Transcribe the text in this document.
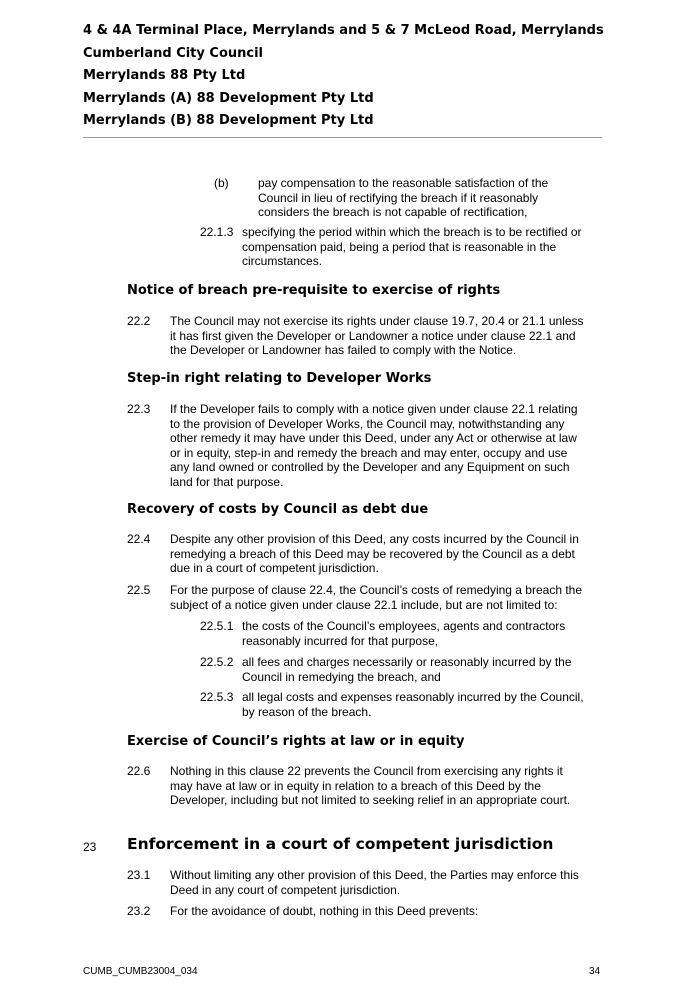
4 & 4A Terminal Place, Merrylands and 5 & 7 McLeod Road, Merrylands
Cumberland City Council
Merrylands 88 Pty Ltd
Merrylands (A) 88 Development Pty Ltd
Merrylands (B) 88 Development Pty Ltd
(b) pay compensation to the reasonable satisfaction of the
Council in lieu of rectifying the breach if it reasonably
considers the breach is not capable of rectification,
22.1.3 specifying the period within which the breach is to be rectified or
compensation paid, being a period that is reasonable in the
circumstances.
Notice of breach pre-requisite to exercise of rights
22.2 The Council may not exercise its rights under clause 19.7, 20.4 or 21.1 unless
it has first given the Developer or Landowner a notice under clause 22.1 and
the Developer or Landowner has failed to comply with the Notice.
Step-in right relating to Developer Works
22.3 If the Developer fails to comply with a notice given under clause 22.1 relating
to the provision of Developer Works, the Council may, notwithstanding any
other remedy it may have under this Deed, under any Act or otherwise at law
or in equity, step-in and remedy the breach and may enter, occupy and use
any land owned or controlled by the Developer and any Equipment on such
land for that purpose.
Recovery of costs by Council as debt due
22.4 Despite any other provision of this Deed, any costs incurred by the Council in
remedying a breach of this Deed may be recovered by the Council as a debt
due in a court of competent jurisdiction.
22.5 For the purpose of clause 22.4, the Council’s costs of remedying a breach the
subject of a notice given under clause 22.1 include, but are not limited to:
22.5.1 the costs of the Council’s employees, agents and contractors
reasonably incurred for that purpose,
22.5.2 all fees and charges necessarily or reasonably incurred by the
Council in remedying the breach, and
22.5.3 all legal costs and expenses reasonably incurred by the Council,
by reason of the breach.
Exercise of Council’s rights at law or in equity
22.6 Nothing in this clause 22 prevents the Council from exercising any rights it
may have at law or in equity in relation to a breach of this Deed by the
Developer, including but not limited to seeking relief in an appropriate court.
23 Enforcement in a court of competent jurisdiction
23.1 Without limiting any other provision of this Deed, the Parties may enforce this
Deed in any court of competent jurisdiction.
23.2 For the avoidance of doubt, nothing in this Deed prevents:
CUMB_CUMB23004_034	34
